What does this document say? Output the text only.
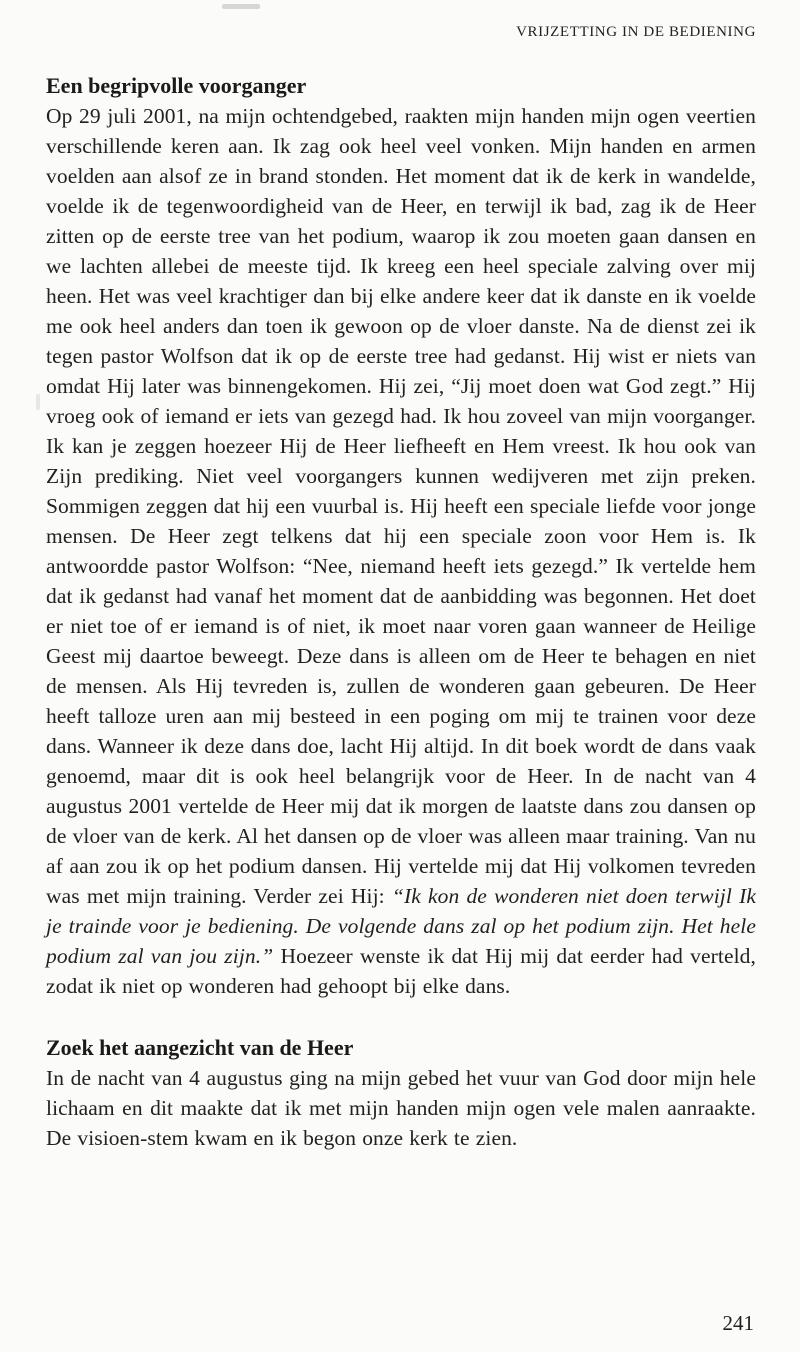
VRIJZETTING IN DE BEDIENING
Een begripvolle voorganger

Op 29 juli 2001, na mijn ochtendgebed, raakten mijn handen mijn ogen veertien verschillende keren aan. Ik zag ook heel veel vonken. Mijn handen en armen voelden aan alsof ze in brand stonden. Het moment dat ik de kerk in wandelde, voelde ik de tegenwoordigheid van de Heer, en terwijl ik bad, zag ik de Heer zitten op de eerste tree van het podium, waarop ik zou moeten gaan dansen en we lachten allebei de meeste tijd. Ik kreeg een heel speciale zalving over mij heen. Het was veel krachtiger dan bij elke andere keer dat ik danste en ik voelde me ook heel anders dan toen ik gewoon op de vloer danste. Na de dienst zei ik tegen pastor Wolfson dat ik op de eerste tree had gedanst. Hij wist er niets van omdat Hij later was binnengekomen. Hij zei, “Jij moet doen wat God zegt.” Hij vroeg ook of iemand er iets van gezegd had. Ik hou zoveel van mijn voorganger. Ik kan je zeggen hoezeer Hij de Heer liefheeft en Hem vreest. Ik hou ook van Zijn prediking. Niet veel voorgangers kunnen wedijveren met zijn preken. Sommigen zeggen dat hij een vuurbal is. Hij heeft een speciale liefde voor jonge mensen. De Heer zegt telkens dat hij een speciale zoon voor Hem is. Ik antwoordde pastor Wolfson: “Nee, niemand heeft iets gezegd.” Ik vertelde hem dat ik gedanst had vanaf het moment dat de aanbidding was begonnen. Het doet er niet toe of er iemand is of niet, ik moet naar voren gaan wanneer de Heilige Geest mij daartoe beweegt. Deze dans is alleen om de Heer te behagen en niet de mensen. Als Hij tevreden is, zullen de wonderen gaan gebeuren. De Heer heeft talloze uren aan mij besteed in een poging om mij te trainen voor deze dans. Wanneer ik deze dans doe, lacht Hij altijd. In dit boek wordt de dans vaak genoemd, maar dit is ook heel belangrijk voor de Heer. In de nacht van 4 augustus 2001 vertelde de Heer mij dat ik morgen de laatste dans zou dansen op de vloer van de kerk. Al het dansen op de vloer was alleen maar training. Van nu af aan zou ik op het podium dansen. Hij vertelde mij dat Hij volkomen tevreden was met mijn training. Verder zei Hij: “Ik kon de wonderen niet doen terwijl Ik je trainde voor je bediening. De volgende dans zal op het podium zijn. Het hele podium zal van jou zijn.” Hoezeer wenste ik dat Hij mij dat eerder had verteld, zodat ik niet op wonderen had gehoopt bij elke dans.

Zoek het aangezicht van de Heer

In de nacht van 4 augustus ging na mijn gebed het vuur van God door mijn hele lichaam en dit maakte dat ik met mijn handen mijn ogen vele malen aanraakte. De visioen-stem kwam en ik begon onze kerk te zien.

241
